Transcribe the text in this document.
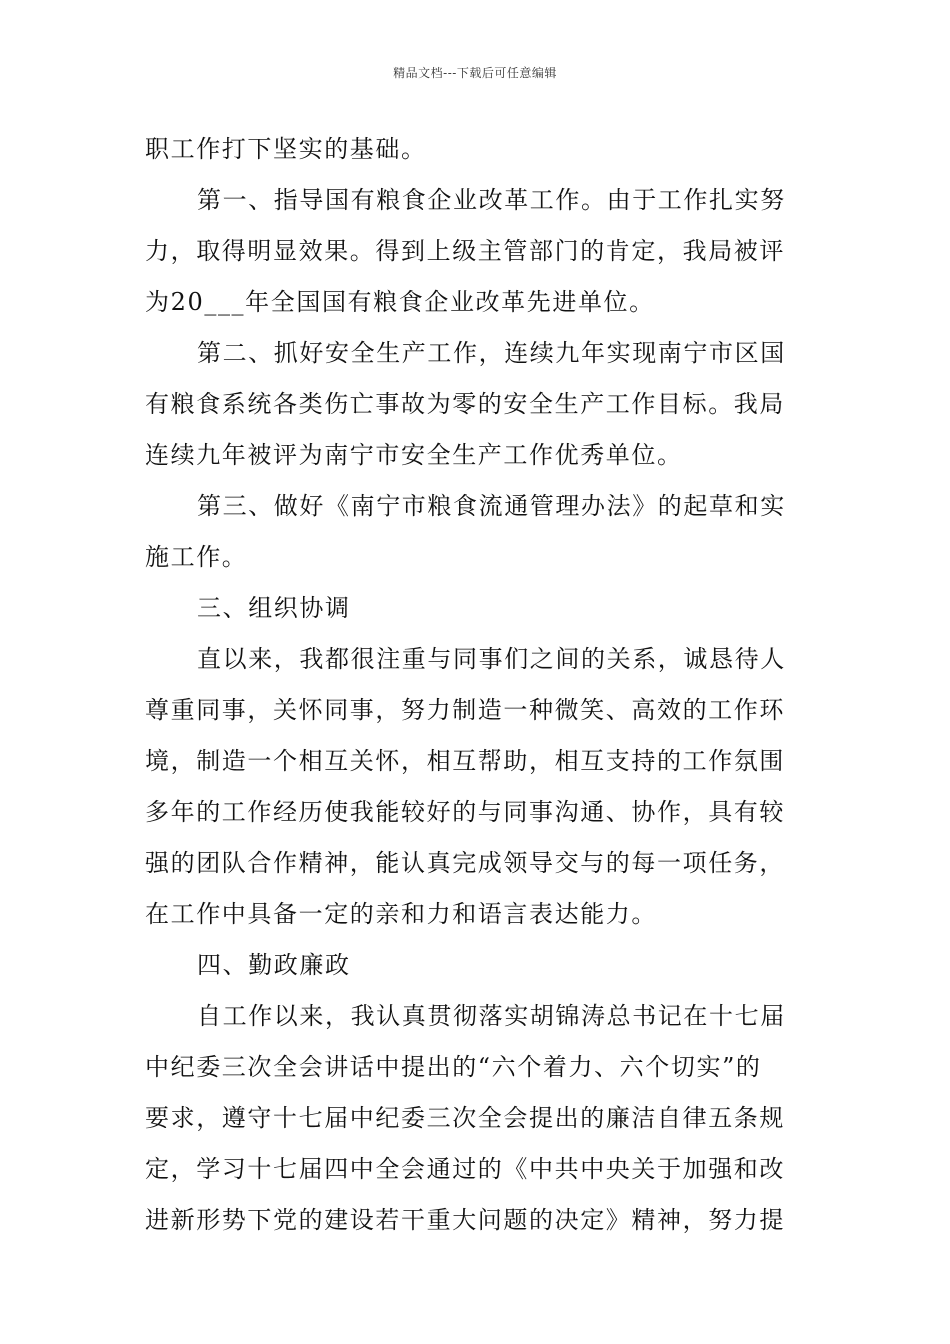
精品文档---下载后可任意编辑
职工作打下坚实的基础。
第一、指导国有粮食企业改革工作。由于工作扎实努
力，取得明显效果。得到上级主管部门的肯定，我局被评
为20___年全国国有粮食企业改革先进单位。
第二、抓好安全生产工作，连续九年实现南宁市区国
有粮食系统各类伤亡事故为零的安全生产工作目标。我局
连续九年被评为南宁市安全生产工作优秀单位。
第三、做好《南宁市粮食流通管理办法》的起草和实
施工作。
三、组织协调
直以来，我都很注重与同事们之间的关系，诚恳待人
尊重同事，关怀同事，努力制造一种微笑、高效的工作环
境，制造一个相互关怀，相互帮助，相互支持的工作氛围
多年的工作经历使我能较好的与同事沟通、协作，具有较
强的团队合作精神，能认真完成领导交与的每一项任务，
在工作中具备一定的亲和力和语言表达能力。
四、勤政廉政
自工作以来，我认真贯彻落实胡锦涛总书记在十七届
中纪委三次全会讲话中提出的“六个着力、六个切实”的
要求，遵守十七届中纪委三次全会提出的廉洁自律五条规
定，学习十七届四中全会通过的《中共中央关于加强和改
进新形势下党的建设若干重大问题的决定》精神，努力提
